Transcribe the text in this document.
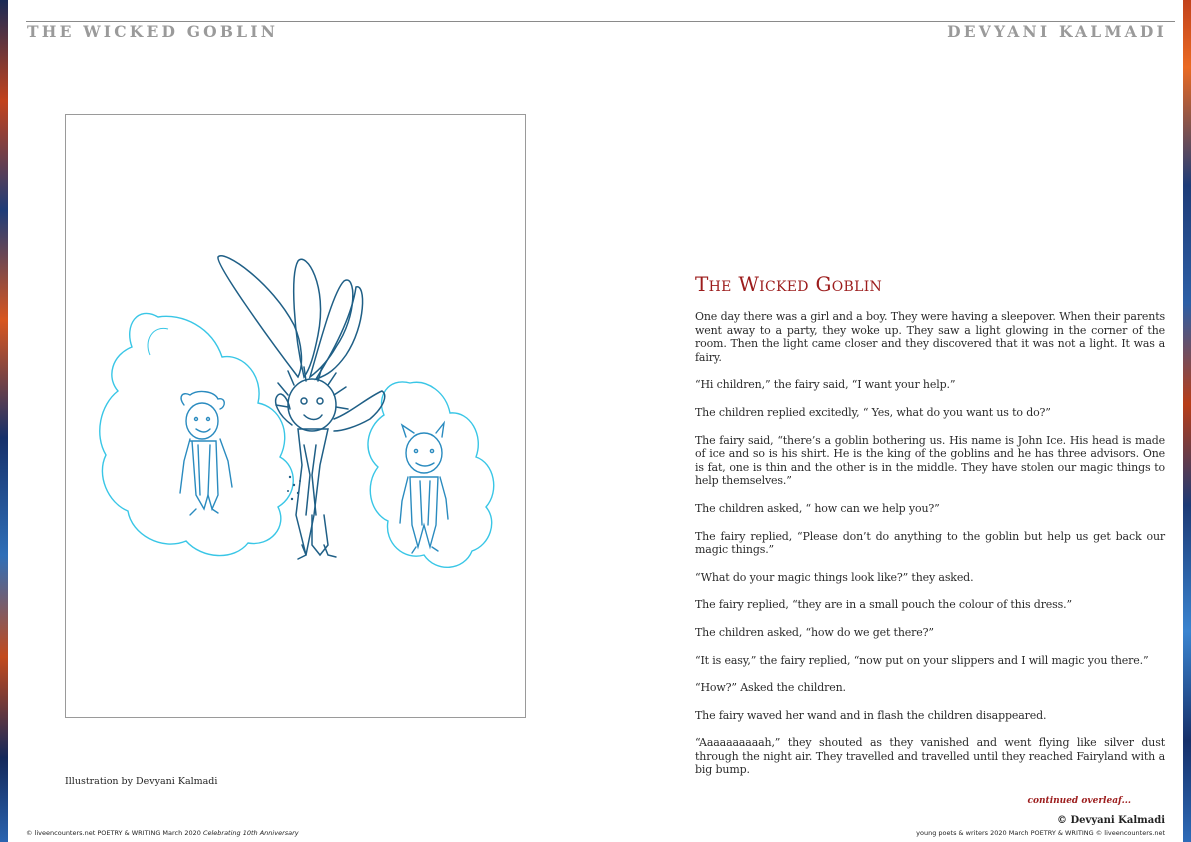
THE WICKED GOBLIN	DEVYANI KALMADI
Illustration by Devyani Kalmadi
The Wicked Goblin

One day there was a girl and a boy. They were having a sleepover. When their parents went away to a party, they woke up. They saw a light glowing in the corner of the room. Then the light came closer and they discovered that it was not a light. It was a fairy.

“Hi children,” the fairy said, “I want your help.”

The children replied excitedly, “ Yes, what do you want us to do?”

The fairy said, “there’s a goblin bothering us. His name is John Ice. His head is made of ice and so is his shirt. He is the king of the goblins and he has three advisors. One is fat, one is thin and the other is in the middle. They have stolen our magic things to help themselves.”

The children asked, “ how can we help you?”

The fairy replied, “Please don’t do anything to the goblin but help us get back our magic things.”

“What do your magic things look like?” they asked.

The fairy replied, “they are in a small pouch the colour of this dress.”

The children asked, “how do we get there?”

“It is easy,” the fairy replied, “now put on your slippers and I will magic you there.”

“How?” Asked the children.

The fairy waved her wand and in flash the children disappeared.

“Aaaaaaaaaah,” they shouted as they vanished and went flying like silver dust through the night air. They travelled and travelled until they reached Fairyland with a big bump.

continued overleaf...
© Devyani Kalmadi
© liveencounters.net POETRY & WRITING March 2020 Celebrating 10th Anniversary	young poets & writers 2020 March POETRY & WRITING © liveencounters.net
